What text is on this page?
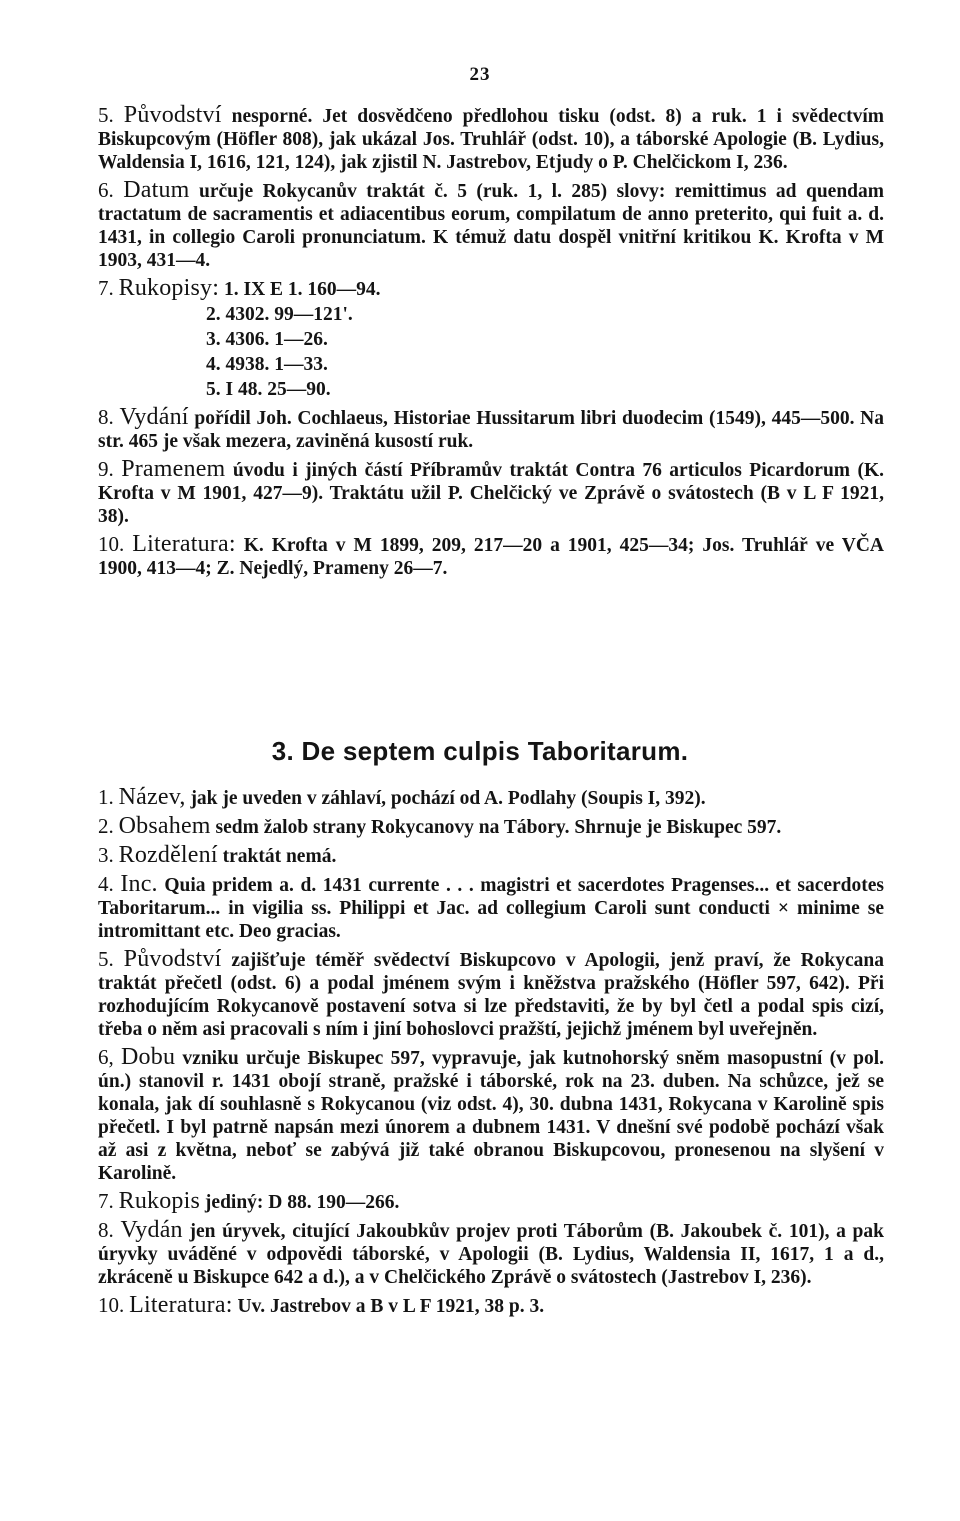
23

5. Původství nesporné. Jet dosvědčeno předlohou tisku (odst. 8) a ruk. 1 i svědectvím Biskupcovým (Höfler 808), jak ukázal Jos. Truhlář (odst. 10), a táborské Apologie (B. Lydius, Waldensia I, 1616, 121, 124), jak zjistil N. Jastrebov, Etjudy o P. Chelčickom I, 236.

6. Datum určuje Rokycanův traktát č. 5 (ruk. 1, l. 285) slovy: remittimus ad quendam tractatum de sacramentis et adiacentibus eorum, compilatum de anno preterito, qui fuit a. d. 1431, in collegio Caroli pronunciatum. K témuž datu dospěl vnitřní kritikou K. Krofta v M 1903, 431—4.

7. Rukopisy: 1. IX E 1. 160—94.
2. 4302. 99—121'.
3. 4306. 1—26.
4. 4938. 1—33.
5. I 48. 25—90.

8. Vydání pořídil Joh. Cochlaeus, Historiae Hussitarum libri duodecim (1549), 445—500. Na str. 465 je však mezera, zaviněná kusostí ruk.

9. Pramenem úvodu i jiných částí Příbramův traktát Contra 76 articulos Picardorum (K. Krofta v M 1901, 427—9). Traktátu užil P. Chelčický ve Zprávě o svátostech (B v L F 1921, 38).

10. Literatura: K. Krofta v M 1899, 209, 217—20 a 1901, 425—34; Jos. Truhlář ve VČA 1900, 413—4; Z. Nejedlý, Prameny 26—7.

3. De septem culpis Taboritarum.

1. Název, jak je uveden v záhlaví, pochází od A. Podlahy (Soupis I, 392).

2. Obsahem sedm žalob strany Rokycanovy na Tábory. Shrnuje je Biskupec 597.

3. Rozdělení traktát nemá.

4. Inc. Quia pridem a. d. 1431 currente . . . magistri et sacerdotes Pragenses... et sacerdotes Taboritarum... in vigilia ss. Philippi et Jac. ad collegium Caroli sunt conducti × minime se intromittant etc. Deo gracias.

5. Původství zajišťuje téměř svědectví Biskupcovo v Apologii, jenž praví, že Rokycana traktát přečetl (odst. 6) a podal jménem svým i kněžstva pražského (Höfler 597, 642). Při rozhodujícím Rokycanově postavení sotva si lze představiti, že by byl četl a podal spis cizí, třeba o něm asi pracovali s ním i jiní bohoslovci pražští, jejichž jménem byl uveřejněn.

6, Dobu vzniku určuje Biskupec 597, vypravuje, jak kutnohorský sněm masopustní (v pol. ún.) stanovil r. 1431 obojí straně, pražské i táborské, rok na 23. duben. Na schůzce, jež se konala, jak dí souhlasně s Rokycanou (viz odst. 4), 30. dubna 1431, Rokycana v Karolině spis přečetl. I byl patrně napsán mezi únorem a dubnem 1431. V dnešní své podobě pochází však až asi z května, neboť se zabývá již také obranou Biskupcovou, pronesenou na slyšení v Karolině.

7. Rukopis jediný: D 88. 190—266.

8. Vydán jen úryvek, citující Jakoubkův projev proti Táborům (B. Jakoubek č. 101), a pak úryvky uváděné v odpovědi táborské, v Apologii (B. Lydius, Waldensia II, 1617, 1 a d., zkráceně u Biskupce 642 a d.), a v Chelčického Zprávě o svátostech (Jastrebov I, 236).

10. Literatura: Uv. Jastrebov a B v L F 1921, 38 p. 3.
